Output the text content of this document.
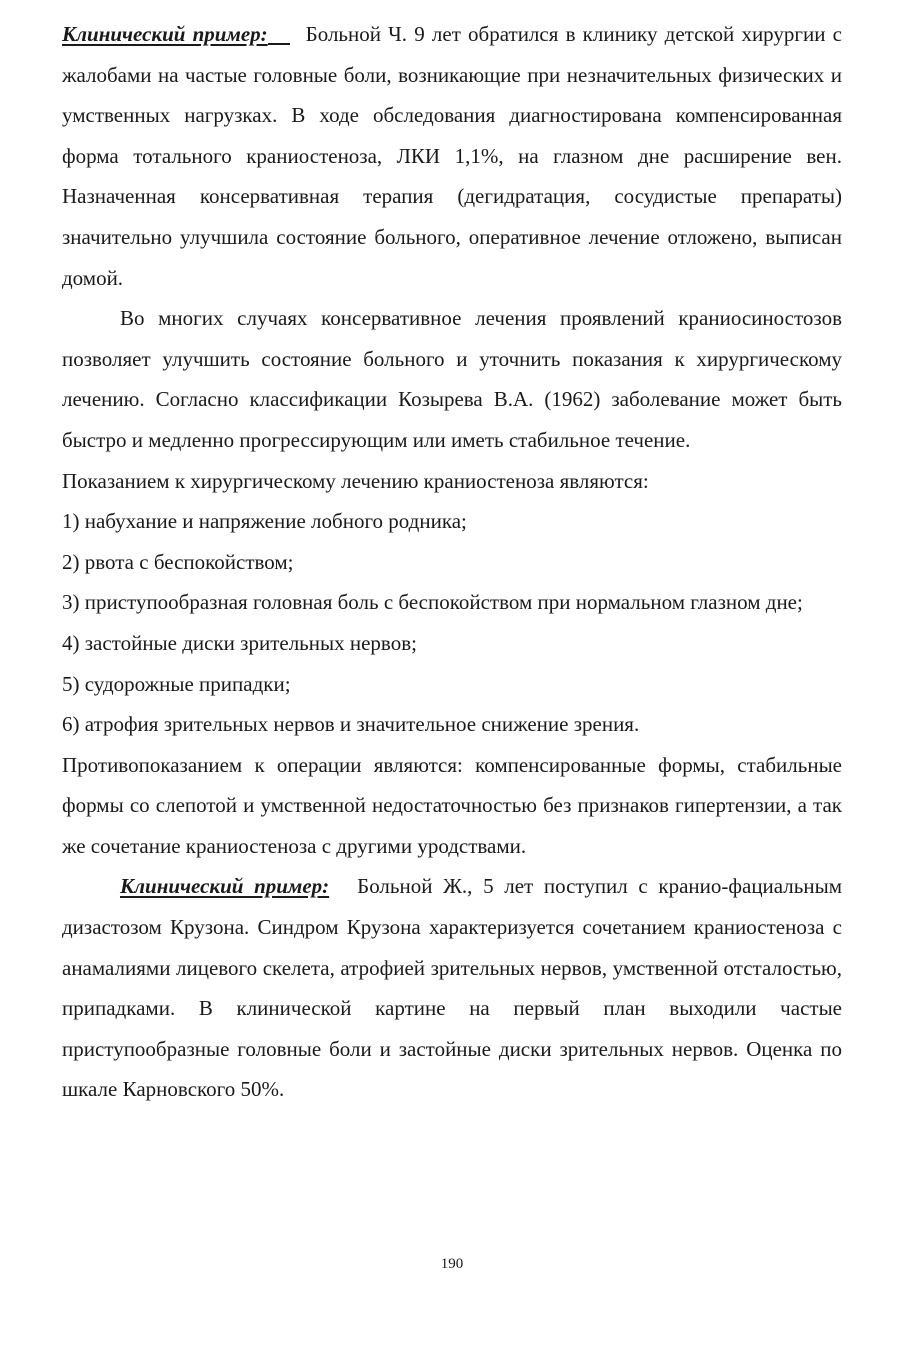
Клинический пример: Больной Ч. 9 лет обратился в клинику детской хирургии с жалобами на частые головные боли, возникающие при незначительных физических и умственных нагрузках. В ходе обследования диагностирована компенсированная форма тотального краниостеноза, ЛКИ 1,1%, на глазном дне расширение вен. Назначенная консервативная терапия (дегидратация, сосудистые препараты) значительно улучшила состояние больного, оперативное лечение отложено, выписан домой.

Во многих случаях консервативное лечения проявлений краниосиностозов позволяет улучшить состояние больного и уточнить показания к хирургическому лечению. Согласно классификации Козырева В.А. (1962) заболевание может быть быстро и медленно прогрессирующим или иметь стабильное течение.

Показанием к хирургическому лечению краниостеноза являются:

1) набухание и напряжение лобного родника;

2) рвота с беспокойством;

3) приступообразная головная боль с беспокойством при нормальном глазном дне;

4) застойные диски зрительных нервов;

5) судорожные припадки;

6) атрофия зрительных нервов и значительное снижение зрения.

Противопоказанием к операции являются: компенсированные формы, стабильные формы со слепотой и умственной недостаточностью без признаков гипертензии, а так же сочетание краниостеноза с другими уродствами.

Клинический пример: Больной Ж., 5 лет поступил с кранио-фациальным дизастозом Крузона. Синдром Крузона характеризуется сочетанием краниостеноза с анамалиями лицевого скелета, атрофией зрительных нервов, умственной отсталостью, припадками. В клинической картине на первый план выходили частые приступообразные головные боли и застойные диски зрительных нервов. Оценка по шкале Карновского 50%.

190
